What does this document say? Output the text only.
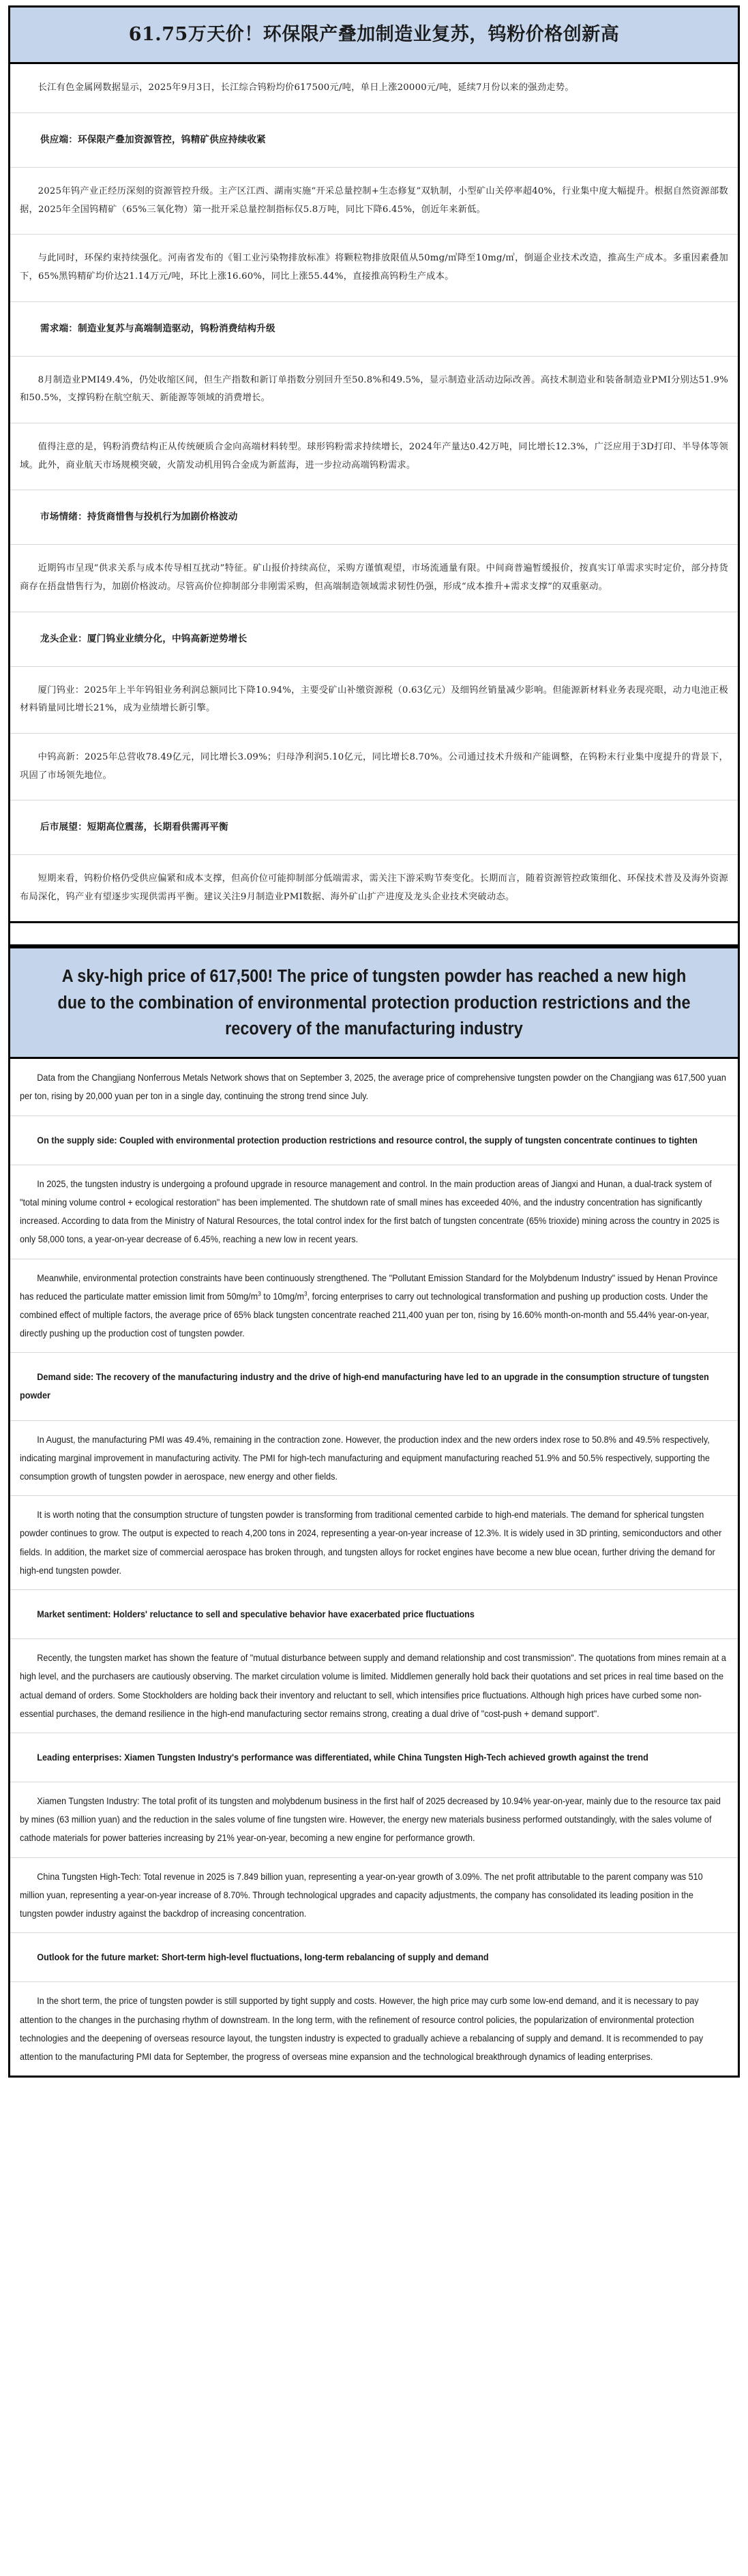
61.75万天价！环保限产叠加制造业复苏，钨粉价格创新高

长江有色金属网数据显示，2025年9月3日，长江综合钨粉均价617500元/吨，单日上涨20000元/吨，延续7月份以来的强劲走势。

供应端：环保限产叠加资源管控，钨精矿供应持续收紧

2025年钨产业正经历深刻的资源管控升级。主产区江西、湖南实施“开采总量控制+生态修复”双轨制，小型矿山关停率超40%，行业集中度大幅提升。根据自然资源部数据，2025年全国钨精矿（65%三氧化物）第一批开采总量控制指标仅5.8万吨，同比下降6.45%，创近年来新低。

与此同时，环保约束持续强化。河南省发布的《钼工业污染物排放标准》将颗粒物排放限值从50mg/㎥降至10mg/㎥，倒逼企业技术改造，推高生产成本。多重因素叠加下，65%黑钨精矿均价达21.14万元/吨，环比上涨16.60%，同比上涨55.44%，直接推高钨粉生产成本。

需求端：制造业复苏与高端制造驱动，钨粉消费结构升级

8月制造业PMI49.4%，仍处收缩区间，但生产指数和新订单指数分别回升至50.8%和49.5%，显示制造业活动边际改善。高技术制造业和装备制造业PMI分别达51.9%和50.5%，支撑钨粉在航空航天、新能源等领域的消费增长。

值得注意的是，钨粉消费结构正从传统硬质合金向高端材料转型。球形钨粉需求持续增长，2024年产量达0.42万吨，同比增长12.3%，广泛应用于3D打印、半导体等领域。此外，商业航天市场规模突破，火箭发动机用钨合金成为新蓝海，进一步拉动高端钨粉需求。

市场情绪：持货商惜售与投机行为加剧价格波动

近期钨市呈现“供求关系与成本传导相互扰动”特征。矿山报价持续高位，采购方谨慎观望，市场流通量有限。中间商普遍暂缓报价，按真实订单需求实时定价，部分持货商存在捂盘惜售行为，加剧价格波动。尽管高价位抑制部分非刚需采购，但高端制造领域需求韧性仍强，形成“成本推升+需求支撑”的双重驱动。

龙头企业：厦门钨业业绩分化，中钨高新逆势增长

厦门钨业：2025年上半年钨钼业务利润总额同比下降10.94%，主要受矿山补缴资源税（0.63亿元）及细钨丝销量减少影响。但能源新材料业务表现亮眼，动力电池正极材料销量同比增长21%，成为业绩增长新引擎。

中钨高新：2025年总营收78.49亿元，同比增长3.09%；归母净利润5.10亿元，同比增长8.70%。公司通过技术升级和产能调整，在钨粉末行业集中度提升的背景下，巩固了市场领先地位。

后市展望：短期高位震荡，长期看供需再平衡

短期来看，钨粉价格仍受供应偏紧和成本支撑，但高价位可能抑制部分低端需求，需关注下游采购节奏变化。长期而言，随着资源管控政策细化、环保技术普及及海外资源布局深化，钨产业有望逐步实现供需再平衡。建议关注9月制造业PMI数据、海外矿山扩产进度及龙头企业技术突破动态。

A sky-high price of 617,500! The price of tungsten powder has reached a new high due to the combination of environmental protection production restrictions and the recovery of the manufacturing industry

Data from the Changjiang Nonferrous Metals Network shows that on September 3, 2025, the average price of comprehensive tungsten powder on the Changjiang was 617,500 yuan per ton, rising by 20,000 yuan per ton in a single day, continuing the strong trend since July.

On the supply side: Coupled with environmental protection production restrictions and resource control, the supply of tungsten concentrate continues to tighten

In 2025, the tungsten industry is undergoing a profound upgrade in resource management and control. In the main production areas of Jiangxi and Hunan, a dual-track system of "total mining volume control + ecological restoration" has been implemented. The shutdown rate of small mines has exceeded 40%, and the industry concentration has significantly increased. According to data from the Ministry of Natural Resources, the total control index for the first batch of tungsten concentrate (65% trioxide) mining across the country in 2025 is only 58,000 tons, a year-on-year decrease of 6.45%, reaching a new low in recent years.

Meanwhile, environmental protection constraints have been continuously strengthened. The "Pollutant Emission Standard for the Molybdenum Industry" issued by Henan Province has reduced the particulate matter emission limit from $50mg/m^3$ to $10mg/m^3$, forcing enterprises to carry out technological transformation and pushing up production costs. Under the combined effect of multiple factors, the average price of 65% black tungsten concentrate reached 211,400 yuan per ton, rising by 16.60% month-on-month and 55.44% year-on-year, directly pushing up the production cost of tungsten powder.

Demand side: The recovery of the manufacturing industry and the drive of high-end manufacturing have led to an upgrade in the consumption structure of tungsten powder

In August, the manufacturing PMI was 49.4%, remaining in the contraction zone. However, the production index and the new orders index rose to 50.8% and 49.5% respectively, indicating marginal improvement in manufacturing activity. The PMI for high-tech manufacturing and equipment manufacturing reached 51.9% and 50.5% respectively, supporting the consumption growth of tungsten powder in aerospace, new energy and other fields.

It is worth noting that the consumption structure of tungsten powder is transforming from traditional cemented carbide to high-end materials. The demand for spherical tungsten powder continues to grow. The output is expected to reach 4,200 tons in 2024, representing a year-on-year increase of 12.3%. It is widely used in 3D printing, semiconductors and other fields. In addition, the market size of commercial aerospace has broken through, and tungsten alloys for rocket engines have become a new blue ocean, further driving the demand for high-end tungsten powder.

Market sentiment: Holders' reluctance to sell and speculative behavior have exacerbated price fluctuations

Recently, the tungsten market has shown the feature of "mutual disturbance between supply and demand relationship and cost transmission". The quotations from mines remain at a high level, and the purchasers are cautiously observing. The market circulation volume is limited. Middlemen generally hold back their quotations and set prices in real time based on the actual demand of orders. Some Stockholders are holding back their inventory and reluctant to sell, which intensifies price fluctuations. Although high prices have curbed some non-essential purchases, the demand resilience in the high-end manufacturing sector remains strong, creating a dual drive of "cost-push + demand support".

Leading enterprises: Xiamen Tungsten Industry's performance was differentiated, while China Tungsten High-Tech achieved growth against the trend

Xiamen Tungsten Industry: The total profit of its tungsten and molybdenum business in the first half of 2025 decreased by 10.94% year-on-year, mainly due to the resource tax paid by mines (63 million yuan) and the reduction in the sales volume of fine tungsten wire. However, the energy new materials business performed outstandingly, with the sales volume of cathode materials for power batteries increasing by 21% year-on-year, becoming a new engine for performance growth.

China Tungsten High-Tech: Total revenue in 2025 is 7.849 billion yuan, representing a year-on-year growth of 3.09%. The net profit attributable to the parent company was 510 million yuan, representing a year-on-year increase of 8.70%. Through technological upgrades and capacity adjustments, the company has consolidated its leading position in the tungsten powder industry against the backdrop of increasing concentration.

Outlook for the future market: Short-term high-level fluctuations, long-term rebalancing of supply and demand

In the short term, the price of tungsten powder is still supported by tight supply and costs. However, the high price may curb some low-end demand, and it is necessary to pay attention to the changes in the purchasing rhythm of downstream. In the long term, with the refinement of resource control policies, the popularization of environmental protection technologies and the deepening of overseas resource layout, the tungsten industry is expected to gradually achieve a rebalancing of supply and demand. It is recommended to pay attention to the manufacturing PMI data for September, the progress of overseas mine expansion and the technological breakthrough dynamics of leading enterprises.
